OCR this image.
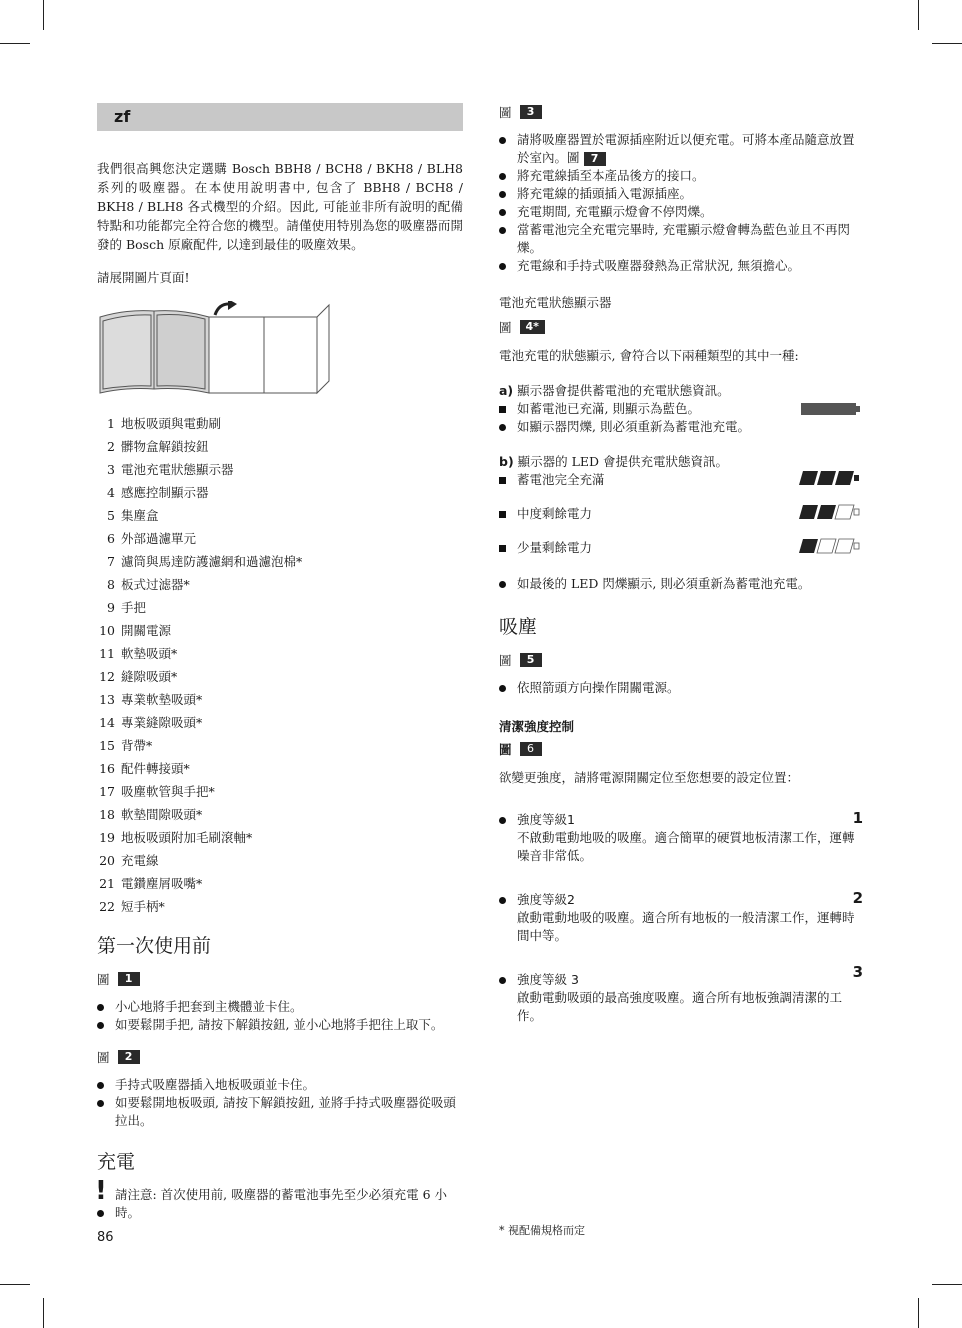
zf

我們很高興您決定選購 Bosch BBH8 / BCH8 / BKH8 / BLH8 系列的吸塵器。在本使用說明書中, 包含了 BBH8 / BCH8 / BKH8 / BLH8 各式機型的介紹。因此, 可能並非所有說明的配備特點和功能都完全符合您的機型。請僅使用特別為您的吸塵器而開發的 Bosch 原廠配件, 以達到最佳的吸塵效果。

請展開圖片頁面!

1 地板吸頭與電動刷
2 髒物盒解鎖按鈕
3 電池充電狀態顯示器
4 感應控制顯示器
5 集塵盒
6 外部過濾單元
7 濾筒與馬達防護濾網和過濾泡棉*
8 板式过滤器*
9 手把
10 開關電源
11 軟墊吸頭*
12 縫隙吸頭*
13 專業軟墊吸頭*
14 專業縫隙吸頭*
15 背帶*
16 配件轉接頭*
17 吸塵軟管與手把*
18 軟墊間隙吸頭*
19 地板吸頭附加毛刷滾軸*
20 充電線
21 電鑽塵屑吸嘴*
22 短手柄*
第一次使用前
圖	1
小心地將手把套到主機體並卡住。
如要鬆開手把, 請按下解鎖按鈕, 並小心地將手把往上取下。
圖	2
手持式吸塵器插入地板吸頭並卡住。
如要鬆開地板吸頭, 請按下解鎖按鈕, 並將手持式吸塵器從吸頭拉出。
充電
! 請注意: 首次使用前, 吸塵器的蓄電池事先至少必須充電 6 小時。
圖	3
請將吸塵器置於電源插座附近以便充電。可將本產品隨意放置於室內。圖 7
將充電線插至本產品後方的接口。
將充電線的插頭插入電源插座。
充電期間, 充電顯示燈會不停閃爍。
當蓄電池完全充電完畢時, 充電顯示燈會轉為藍色並且不再閃爍。
充電線和手持式吸塵器發熱為正常狀況, 無須擔心。

電池充電狀態顯示器

圖	4*

電池充電的狀態顯示, 會符合以下兩種類型的其中一種:

a) 顯示器會提供蓄電池的充電狀態資訊。

如蓄電池已充滿, 則顯示為藍色。
如顯示器閃爍, 則必須重新為蓄電池充電。

b) 顯示器的 LED 會提供充電狀態資訊。

蓄電池完全充滿
中度剩餘電力
少量剩餘電力
如最後的 LED 閃爍顯示, 則必須重新為蓄電池充電。
吸塵
圖	5
依照箭頭方向操作開關電源。

清潔強度控制

圖	6

欲變更強度，請將電源開關定位至您想要的設定位置：

1
強度等級1
不啟動電動地吸的吸塵。適合簡單的硬質地板清潔工作，運轉噪音非常低。
2
強度等級2
啟動電動地吸的吸塵。適合所有地板的一般清潔工作，運轉時間中等。
3
強度等級 3
啟動電動吸頭的最高強度吸塵。適合所有地板強調清潔的工作。
86	* 視配備規格而定
